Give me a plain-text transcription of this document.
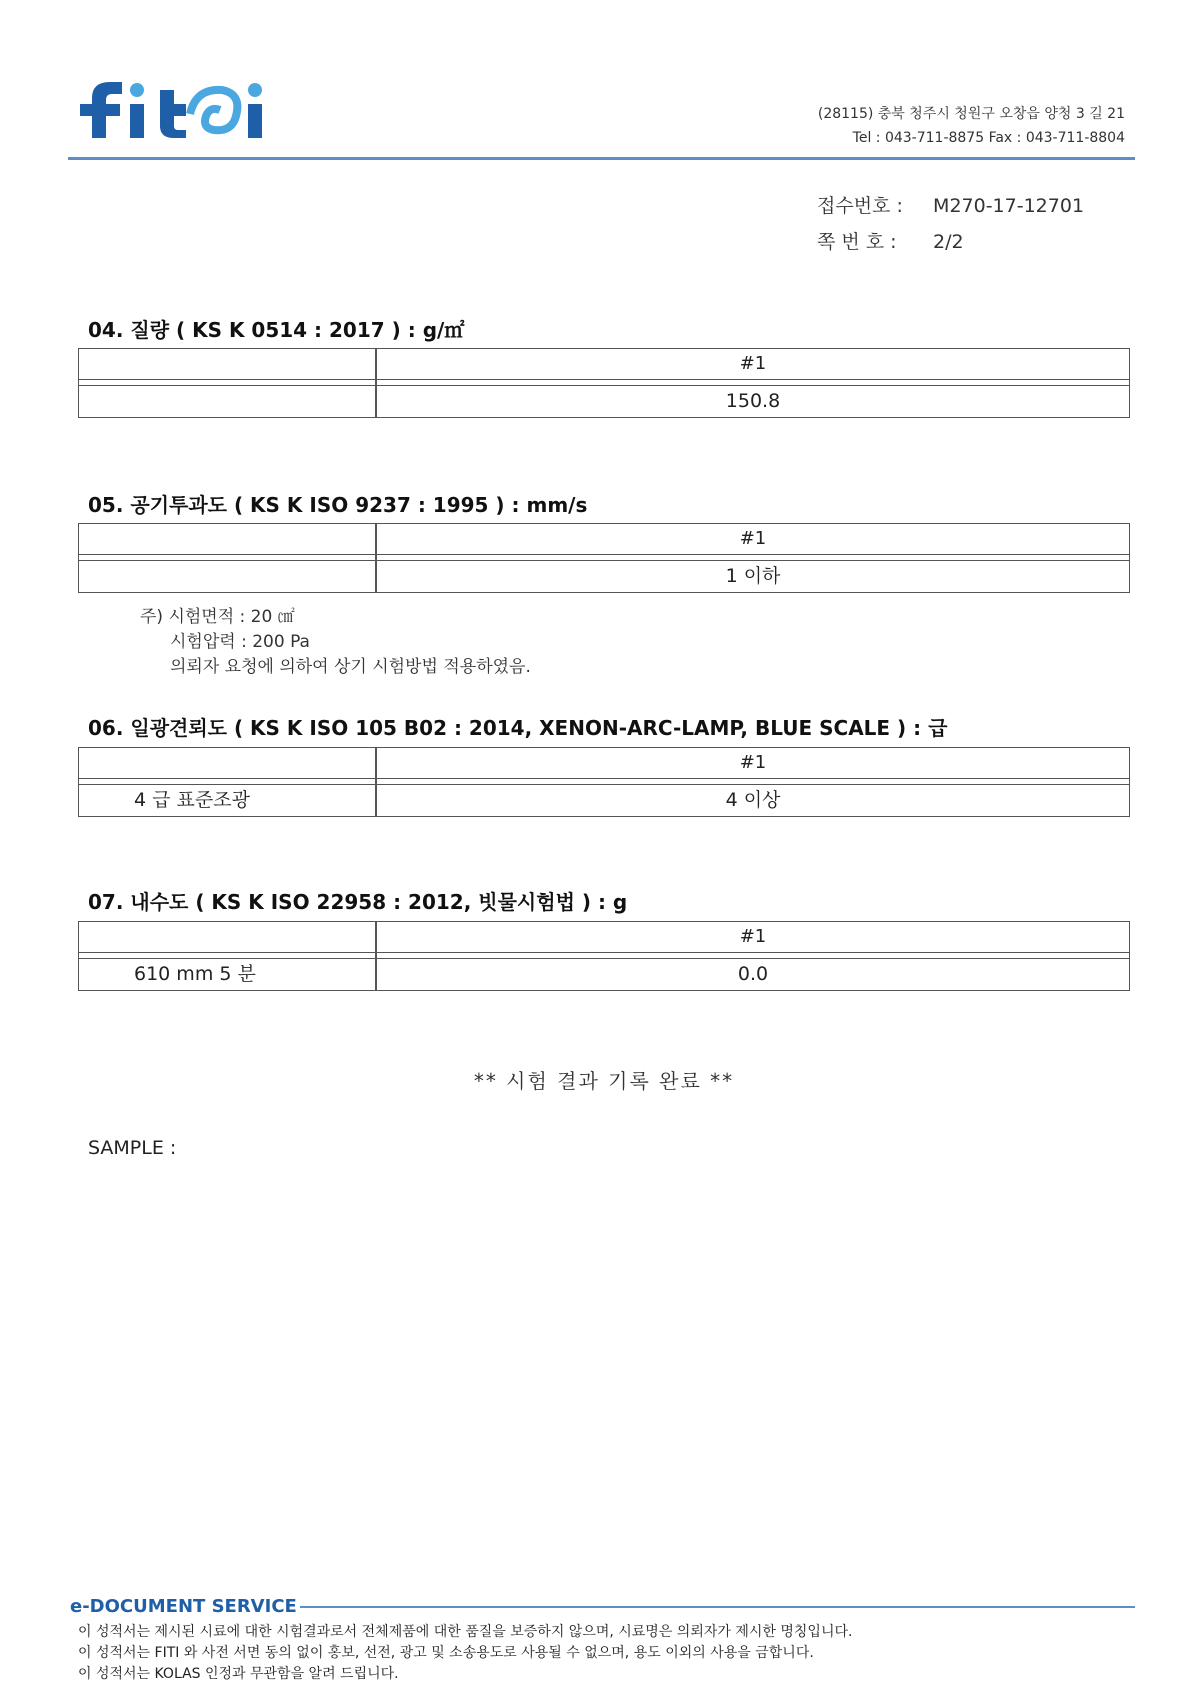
(28115) 충북 청주시 청원구 오창읍 양청 3 길 21
Tel : 043-711-8875 Fax : 043-711-8804
접수번호 : M270-17-12701
쪽 번 호 : 2/2
04. 질량 ( KS K 0514 : 2017 ) : g/㎡
#1
150.8
05. 공기투과도 ( KS K ISO 9237 : 1995 ) : mm/s
#1
1 이하
주) 시험면적 : 20 ㎠
시험압력 : 200 Pa
의뢰자 요청에 의하여 상기 시험방법 적용하였음.
06. 일광견뢰도 ( KS K ISO 105 B02 : 2014, XENON-ARC-LAMP, BLUE SCALE ) : 급
#1
4 급 표준조광	4 이상
07. 내수도 ( KS K ISO 22958 : 2012, 빗물시험법 ) : g
#1
610 mm 5 분	0.0
** 시험 결과 기록 완료 **
SAMPLE :
e-DOCUMENT SERVICE
이 성적서는 제시된 시료에 대한 시험결과로서 전체제품에 대한 품질을 보증하지 않으며, 시료명은 의뢰자가 제시한 명칭입니다.
이 성적서는 FITI 와 사전 서면 동의 없이 홍보, 선전, 광고 및 소송용도로 사용될 수 없으며, 용도 이외의 사용을 금합니다.
이 성적서는 KOLAS 인정과 무관함을 알려 드립니다.
